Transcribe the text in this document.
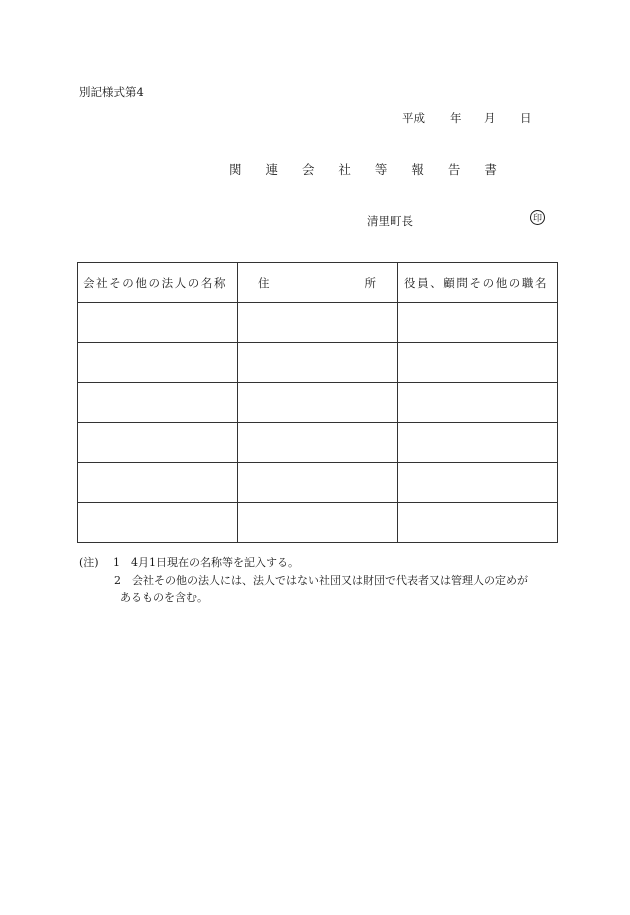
別記様式第4
平成	年	月	日
関 連 会 社 等 報 告 書
清里町長	印
会社その他の法人の名称	住 所	役員、顧問その他の職名

(注)	1	4月1日現在の名称等を記入する。
2	会社その他の法人には、法人ではない社団又は財団で代表者又は管理人の定めが
あるものを含む。
